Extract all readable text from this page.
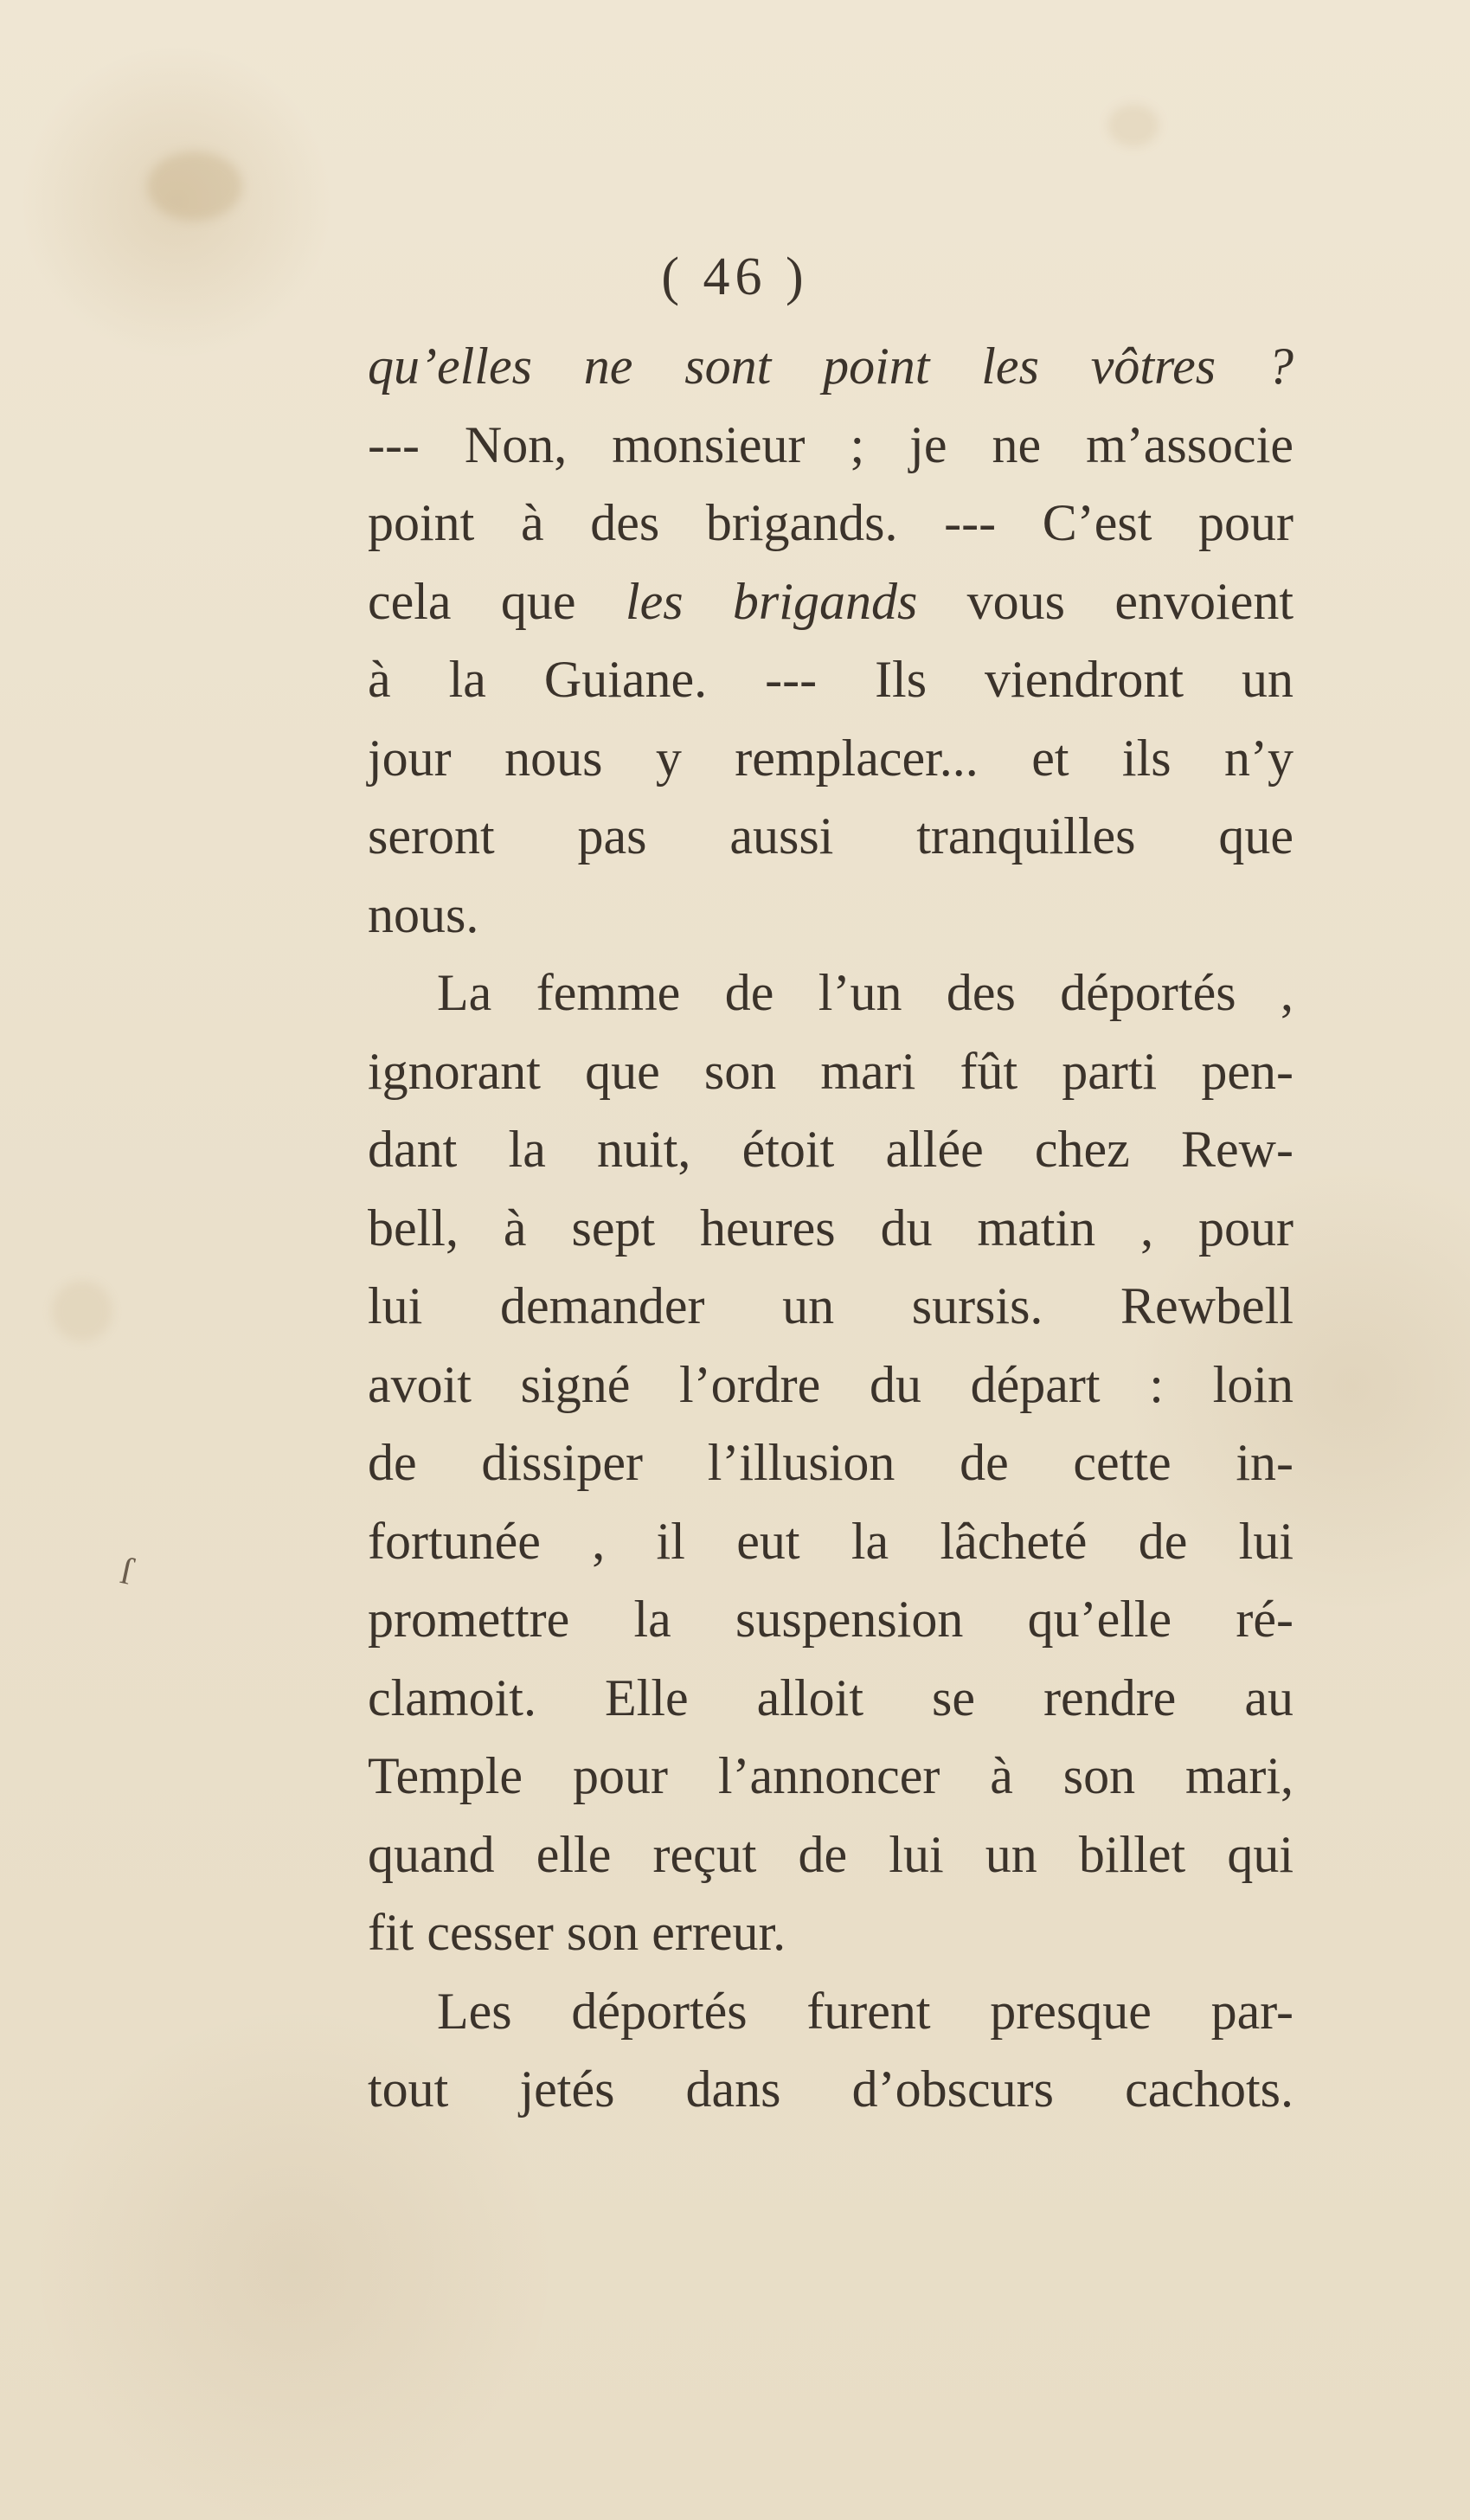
( 46 )
qu’elles ne sont point les vôtres ?
--- Non, monsieur ; je ne m’associe
point à des brigands. --- C’est pour
cela que les brigands vous envoient
à la Guiane. --- Ils viendront un
jour nous y remplacer... et ils n’y
seront pas aussi tranquilles que
nous.
La femme de l’un des déportés ,
ignorant que son mari fût parti pen-
dant la nuit, étoit allée chez Rew-
bell, à sept heures du matin , pour
lui demander un sursis. Rewbell
avoit signé l’ordre du départ : loin
de dissiper l’illusion de cette in-
fortunée , il eut la lâcheté de lui
promettre la suspension qu’elle ré-
clamoit. Elle alloit se rendre au
Temple pour l’annoncer à son mari,
quand elle reçut de lui un billet qui
fit cesser son erreur.
Les déportés furent presque par-
tout jetés dans d’obscurs cachots.
ſ
